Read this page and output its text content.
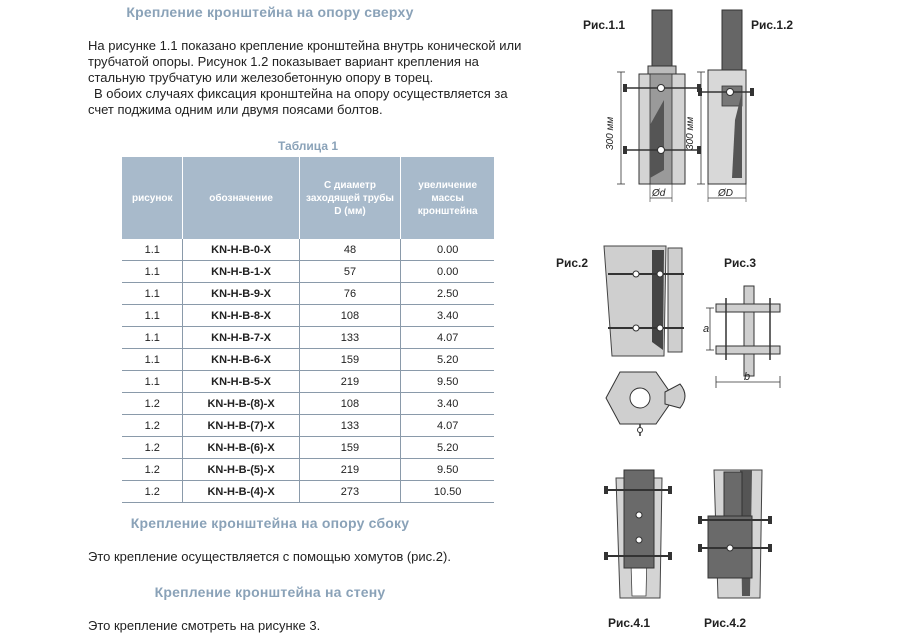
Крепление кронштейна на опору сверху

На рисунке 1.1 показано крепление кронштейна внутрь конической или трубчатой опоры. Рисунок 1.2 показывает вариант крепления на стальную трубчатую или железобетонную опору в торец.

В обоих случаях фиксация кронштейна на опору осуществляется за счет поджима одним или двумя поясами болтов.

Таблица 1
рисунок	обозначение	С диаметр заходящей трубы D (мм)	увеличение массы кронштейна
1.1	KN-H-B-0-X	48	0.00
1.1	KN-H-B-1-X	57	0.00
1.1	KN-H-B-9-X	76	2.50
1.1	KN-H-B-8-X	108	3.40
1.1	KN-H-B-7-X	133	4.07
1.1	KN-H-B-6-X	159	5.20
1.1	KN-H-B-5-X	219	9.50
1.2	KN-H-B-(8)-X	108	3.40
1.2	KN-H-B-(7)-X	133	4.07
1.2	KN-H-B-(6)-X	159	5.20
1.2	KN-H-B-(5)-X	219	9.50
1.2	KN-H-B-(4)-X	273	10.50
Крепление кронштейна на опору сбоку
Это крепление осуществляется с помощью хомутов (рис.2).
Крепление кронштейна на стену
Это крепление смотреть на рисунке 3.
Рис.1.1	Рис.1.2
Рис.2	Рис.3
Рис.4.1	Рис.4.2
300 мм
Ød
300 мм
ØD
a
b
